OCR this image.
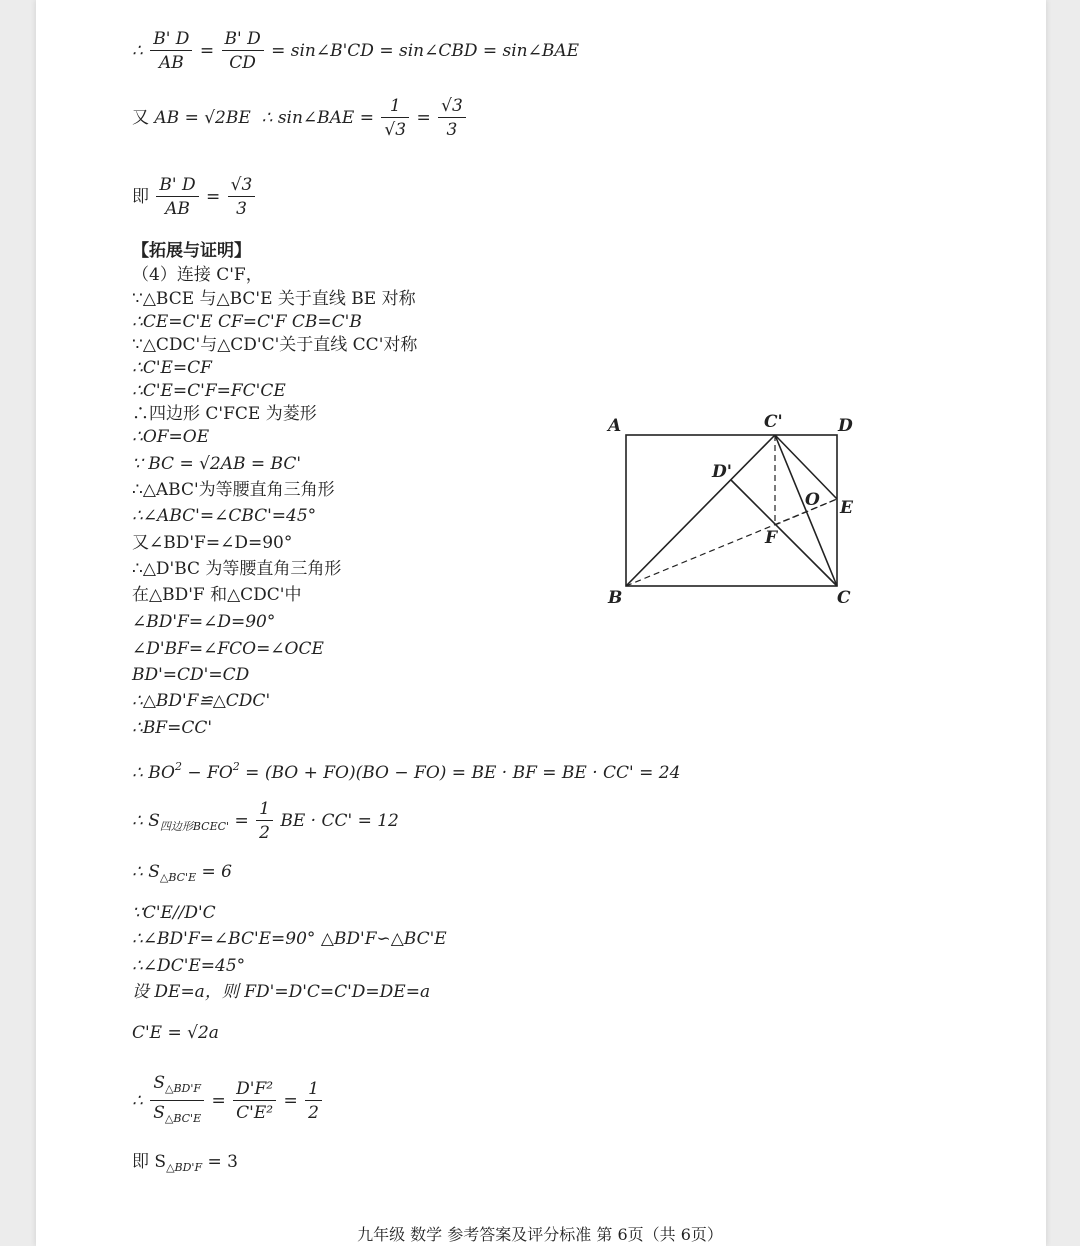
∴ $\frac{B' D}{AB} = \frac{B' D}{CD}$ = sin∠B'CD = sin∠CBD = sin∠BAE
又 AB = √2BE ∴ sin∠BAE = $\frac{1}{√3} = \frac{√3}{3}$
即 $\frac{B' D}{AB} = \frac{√3}{3}$
【拓展与证明】
（4）连接 C'F，
∵△BCE 与△BC'E 关于直线 BE 对称
∴CE=C'E CF=C'F CB=C'B
∵△CDC'与△CD'C'关于直线 CC'对称
∴C'E=CF
∴C'E=C'F=FC'CE
∴四边形 C'FCE 为菱形
∴OF=OE
∵ BC = √2AB = BC'
∴△ABC'为等腰直角三角形
∴∠ABC'=∠CBC'=45°
又∠BD'F=∠D=90°
∴△D'BC 为等腰直角三角形
在△BD'F 和△CDC'中
∠BD'F=∠D=90°
∠D'BF=∠FCO=∠OCE
BD'=CD'=CD
∴△BD'F≌△CDC'
∴BF=CC'
∴ $BO^2 - FO^2 = (BO + FO)(BO - FO)$ = BE · BF = BE · CC' = 24
∴ $S_{四边形BCEC'} = \frac{1}{2}$ BE · CC' = 12
∴ $S_{\triangle BC'E} = 6$
∵C'E//D'C
∴∠BD'F=∠BC'E=90° △BD'F∽△BC'E
∴∠DC'E=45°
设 DE=a，则 FD'=D'C=C'D=DE=a
C'E = √2a
∴ $\frac{S_{\triangle BD'F}}{S_{\triangle BC'E}} = \frac{\text{D'F²}}{\text{C'E²}} = \frac{1}{2}$
即 $S_{\triangle BD'F} = 3$
A	C'	D
D'
O E
F
B	C
九年级 数学 参考答案及评分标准 第 6页（共 6页）
